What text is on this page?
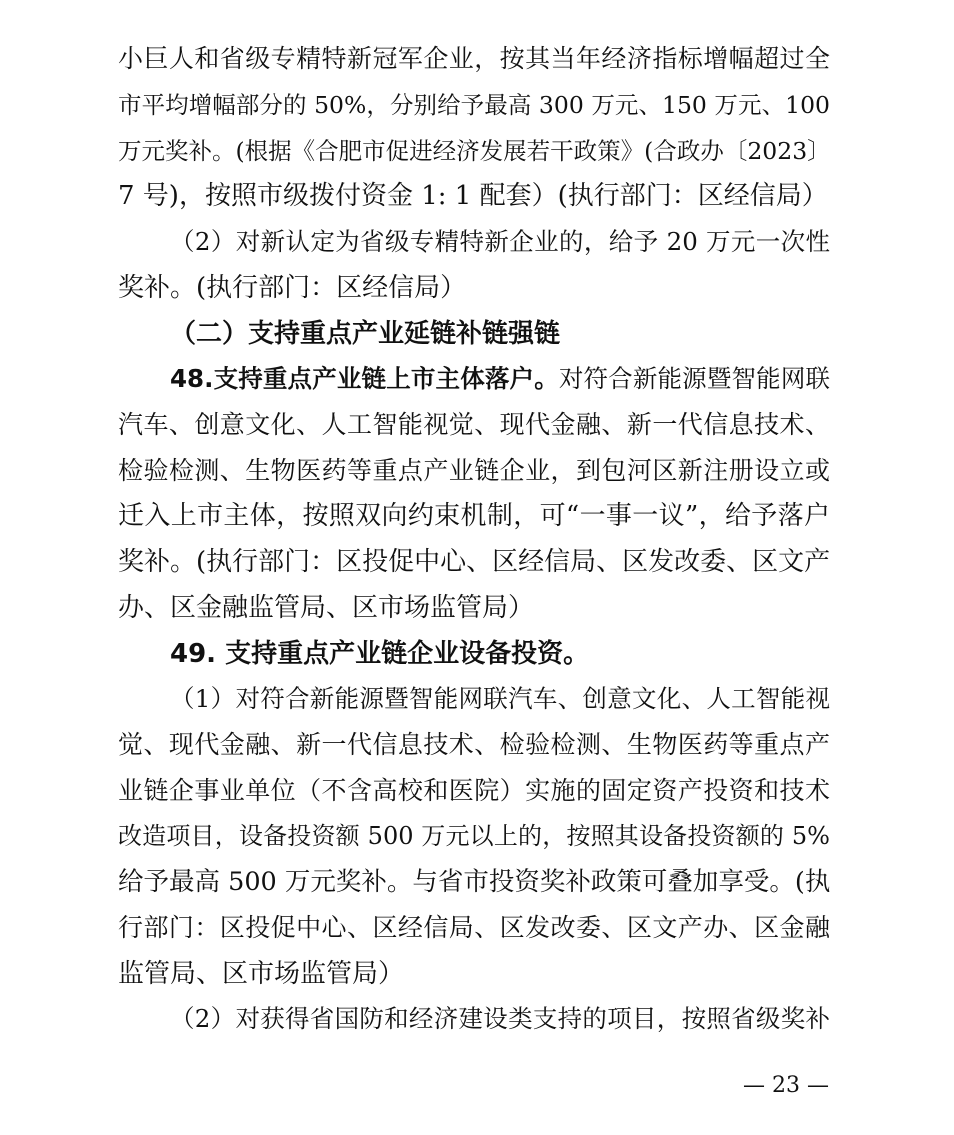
小巨人和省级专精特新冠军企业，按其当年经济指标增幅超过全
市平均增幅部分的 50%，分别给予最高 300 万元、150 万元、100
万元奖补。(根据《合肥市促进经济发展若干政策》(合政办〔2023〕
7 号)，按照市级拨付资金 1: 1 配套）(执行部门：区经信局）
（2）对新认定为省级专精特新企业的，给予 20 万元一次性
奖补。(执行部门：区经信局）
（二）支持重点产业延链补链强链
48.支持重点产业链上市主体落户。对符合新能源暨智能网联
汽车、创意文化、人工智能视觉、现代金融、新一代信息技术、
检验检测、生物医药等重点产业链企业，到包河区新注册设立或
迁入上市主体，按照双向约束机制，可“一事一议”，给予落户
奖补。(执行部门：区投促中心、区经信局、区发改委、区文产
办、区金融监管局、区市场监管局）
49. 支持重点产业链企业设备投资。
（1）对符合新能源暨智能网联汽车、创意文化、人工智能视
觉、现代金融、新一代信息技术、检验检测、生物医药等重点产
业链企事业单位（不含高校和医院）实施的固定资产投资和技术
改造项目，设备投资额 500 万元以上的，按照其设备投资额的 5%
给予最高 500 万元奖补。与省市投资奖补政策可叠加享受。(执
行部门：区投促中心、区经信局、区发改委、区文产办、区金融
监管局、区市场监管局）
（2）对获得省国防和经济建设类支持的项目，按照省级奖补
— 23 —
